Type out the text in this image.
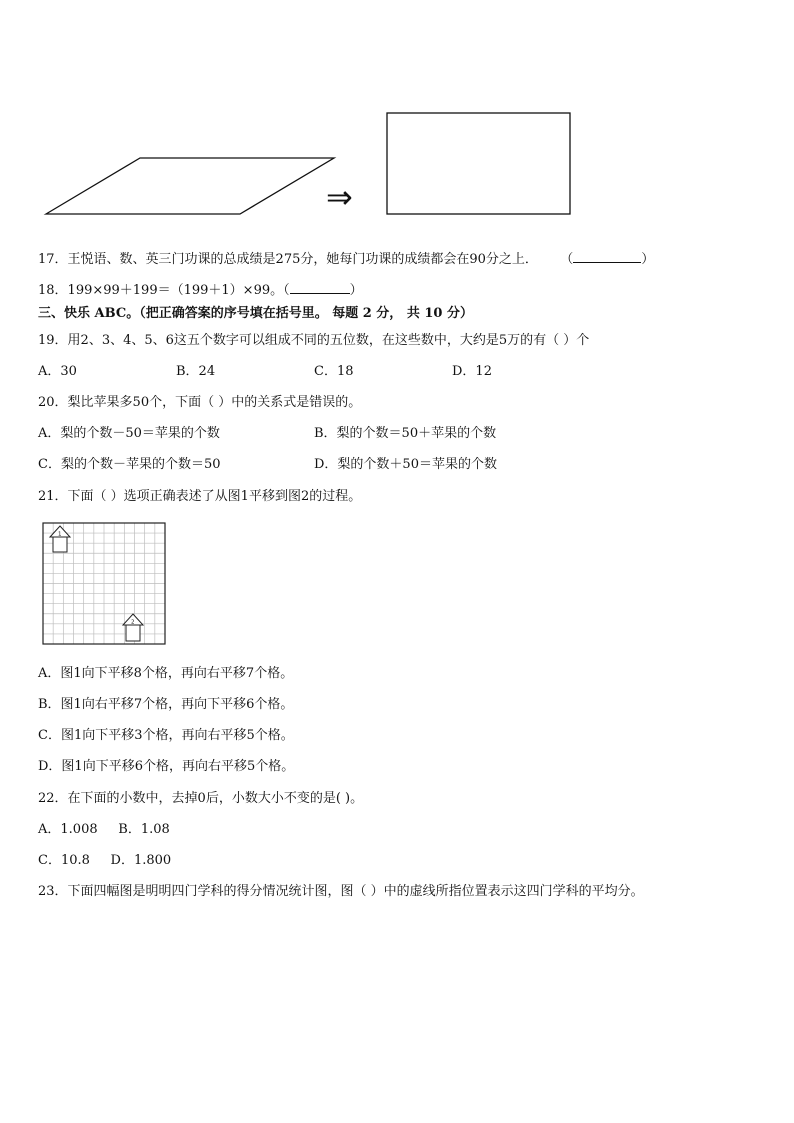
⇒
17．王悦语、数、英三门功课的总成绩是275分，她每门功课的成绩都会在90分之上． （	）
18．199×99＋199＝（199＋1）×99。（	）
三、快乐 ABC。（把正确答案的序号填在括号里。 每题 2 分， 共 10 分）
19．用2、3、4、5、6这五个数字可以组成不同的五位数，在这些数中，大约是5万的有（ ）个
A．30	B．24	C．18	D．12
20．梨比苹果多50个，下面（ ）中的关系式是错误的。
A．梨的个数－50＝苹果的个数	B．梨的个数＝50＋苹果的个数
C．梨的个数－苹果的个数＝50	D．梨的个数＋50＝苹果的个数
21．下面（ ）选项正确表述了从图1平移到图2的过程。
1
2
A．图1向下平移8个格，再向右平移7个格。
B．图1向右平移7个格，再向下平移6个格。
C．图1向下平移3个格，再向右平移5个格。
D．图1向下平移6个格，再向右平移5个格。
22．在下面的小数中，去掉0后，小数大小不变的是( )。
A．1.008     B．1.08
C．10.8     D．1.800
23．下面四幅图是明明四门学科的得分情况统计图，图（ ）中的虚线所指位置表示这四门学科的平均分。
